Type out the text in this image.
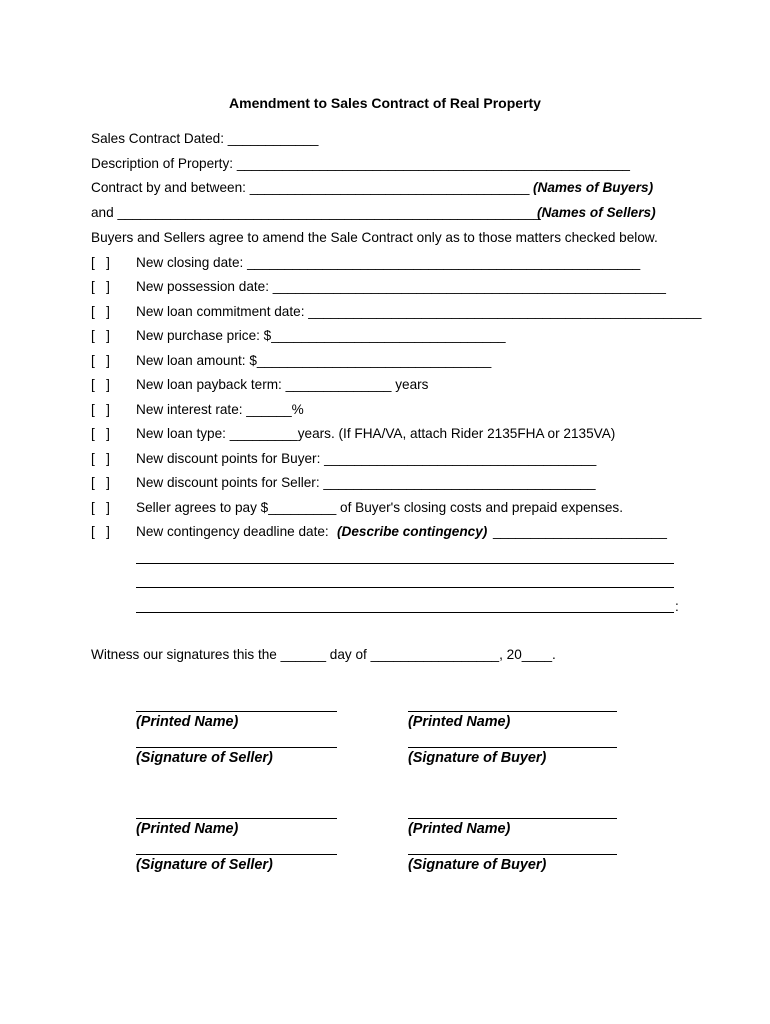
Amendment to Sales Contract of Real Property
Sales Contract Dated: ____________
Description of Property: ____________________________________________________
Contract by and between: _____________________________________ (Names of Buyers)
and ________________________________________________________
(Names of Sellers)
Buyers and Sellers agree to amend the Sale Contract only as to those matters checked below.
[   ] New closing date: ____________________________________________________
[   ] New possession date: ____________________________________________________
[   ] New loan commitment date: ____________________________________________________
[   ] New purchase price: $_______________________________
[   ] New loan amount: $_______________________________
[   ] New loan payback term: ______________ years
[   ] New interest rate: ______%
[   ] New loan type: _________years. (If FHA/VA, attach Rider 2135FHA or 2135VA)
[   ] New discount points for Buyer: ____________________________________
[   ] New discount points for Seller: ____________________________________
[   ] Seller agrees to pay $_________ of Buyer's closing costs and prepaid expenses.
[   ] New contingency deadline date: (Describe contingency) _______________________
:
Witness our signatures this the ______ day of _________________, 20____.
(Printed Name)	(Printed Name)
(Signature of Seller)	(Signature of Buyer)
(Printed Name)	(Printed Name)
(Signature of Seller)	(Signature of Buyer)
